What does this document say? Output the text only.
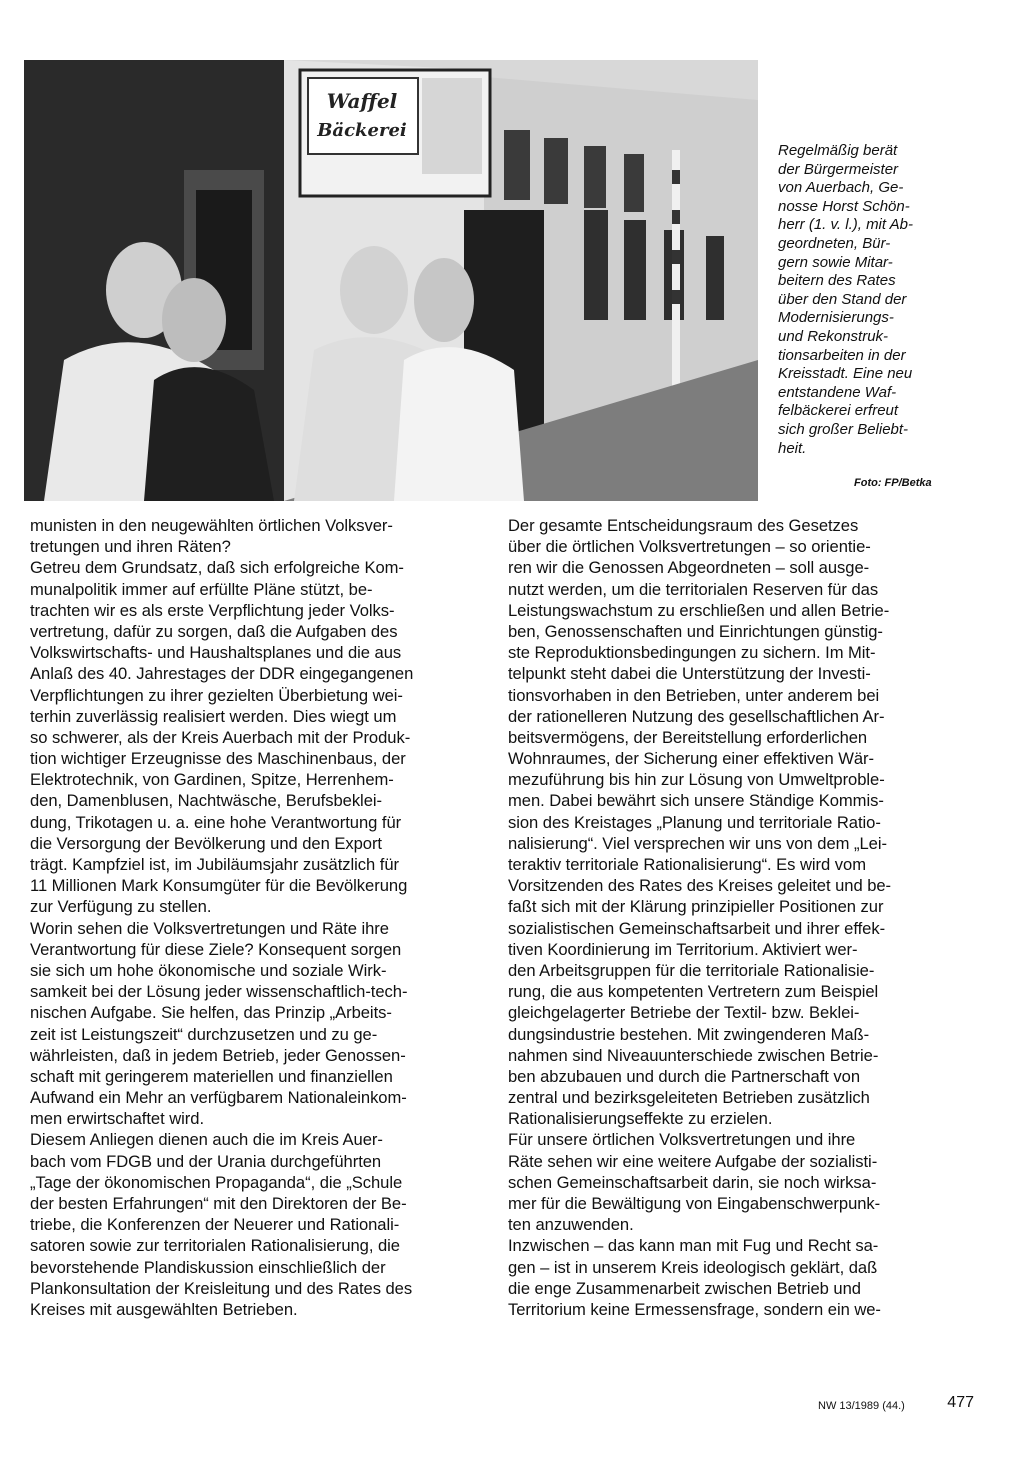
Waffel
Bäckerei
Regelmäßig berät
der Bürgermeister
von Auerbach, Ge-
nosse Horst Schön-
herr (1. v. l.), mit Ab-
geordneten, Bür-
gern sowie Mitar-
beitern des Rates
über den Stand der
Modernisierungs-
und Rekonstruk-
tionsarbeiten in der
Kreisstadt. Eine neu
entstandene Waf-
felbäckerei erfreut
sich großer Beliebt-
heit.
Foto: FP/Betka
munisten in den neugewählten örtlichen Volksver-
tretungen und ihren Räten?
Getreu dem Grundsatz, daß sich erfolgreiche Kom-
munalpolitik immer auf erfüllte Pläne stützt, be-
trachten wir es als erste Verpflichtung jeder Volks-
vertretung, dafür zu sorgen, daß die Aufgaben des
Volkswirtschafts- und Haushaltsplanes und die aus
Anlaß des 40. Jahrestages der DDR eingegangenen
Verpflichtungen zu ihrer gezielten Überbietung wei-
terhin zuverlässig realisiert werden. Dies wiegt um
so schwerer, als der Kreis Auerbach mit der Produk-
tion wichtiger Erzeugnisse des Maschinenbaus, der
Elektrotechnik, von Gardinen, Spitze, Herrenhem-
den, Damenblusen, Nachtwäsche, Berufsbeklei-
dung, Trikotagen u. a. eine hohe Verantwortung für
die Versorgung der Bevölkerung und den Export
trägt. Kampfziel ist, im Jubiläumsjahr zusätzlich für
11 Millionen Mark Konsumgüter für die Bevölkerung
zur Verfügung zu stellen.
Worin sehen die Volksvertretungen und Räte ihre
Verantwortung für diese Ziele? Konsequent sorgen
sie sich um hohe ökonomische und soziale Wirk-
samkeit bei der Lösung jeder wissenschaftlich-tech-
nischen Aufgabe. Sie helfen, das Prinzip „Arbeits-
zeit ist Leistungszeit“ durchzusetzen und zu ge-
währleisten, daß in jedem Betrieb, jeder Genossen-
schaft mit geringerem materiellen und finanziellen
Aufwand ein Mehr an verfügbarem Nationaleinkom-
men erwirtschaftet wird.
Diesem Anliegen dienen auch die im Kreis Auer-
bach vom FDGB und der Urania durchgeführten
„Tage der ökonomischen Propaganda“, die „Schule
der besten Erfahrungen“ mit den Direktoren der Be-
triebe, die Konferenzen der Neuerer und Rationali-
satoren sowie zur territorialen Rationalisierung, die
bevorstehende Plandiskussion einschließlich der
Plankonsultation der Kreisleitung und des Rates des
Kreises mit ausgewählten Betrieben.
Der gesamte Entscheidungsraum des Gesetzes
über die örtlichen Volksvertretungen – so orientie-
ren wir die Genossen Abgeordneten – soll ausge-
nutzt werden, um die territorialen Reserven für das
Leistungswachstum zu erschließen und allen Betrie-
ben, Genossenschaften und Einrichtungen günstig-
ste Reproduktionsbedingungen zu sichern. Im Mit-
telpunkt steht dabei die Unterstützung der Investi-
tionsvorhaben in den Betrieben, unter anderem bei
der rationelleren Nutzung des gesellschaftlichen Ar-
beitsvermögens, der Bereitstellung erforderlichen
Wohnraumes, der Sicherung einer effektiven Wär-
mezuführung bis hin zur Lösung von Umweltproble-
men. Dabei bewährt sich unsere Ständige Kommis-
sion des Kreistages „Planung und territoriale Ratio-
nalisierung“. Viel versprechen wir uns von dem „Lei-
teraktiv territoriale Rationalisierung“. Es wird vom
Vorsitzenden des Rates des Kreises geleitet und be-
faßt sich mit der Klärung prinzipieller Positionen zur
sozialistischen Gemeinschaftsarbeit und ihrer effek-
tiven Koordinierung im Territorium. Aktiviert wer-
den Arbeitsgruppen für die territoriale Rationalisie-
rung, die aus kompetenten Vertretern zum Beispiel
gleichgelagerter Betriebe der Textil- bzw. Beklei-
dungsindustrie bestehen. Mit zwingenderen Maß-
nahmen sind Niveauunterschiede zwischen Betrie-
ben abzubauen und durch die Partnerschaft von
zentral und bezirksgeleiteten Betrieben zusätzlich
Rationalisierungseffekte zu erzielen.
Für unsere örtlichen Volksvertretungen und ihre
Räte sehen wir eine weitere Aufgabe der sozialisti-
schen Gemeinschaftsarbeit darin, sie noch wirksa-
mer für die Bewältigung von Eingabenschwerpunk-
ten anzuwenden.
Inzwischen – das kann man mit Fug und Recht sa-
gen – ist in unserem Kreis ideologisch geklärt, daß
die enge Zusammenarbeit zwischen Betrieb und
Territorium keine Ermessensfrage, sondern ein we-
NW 13/1989 (44.)	477
